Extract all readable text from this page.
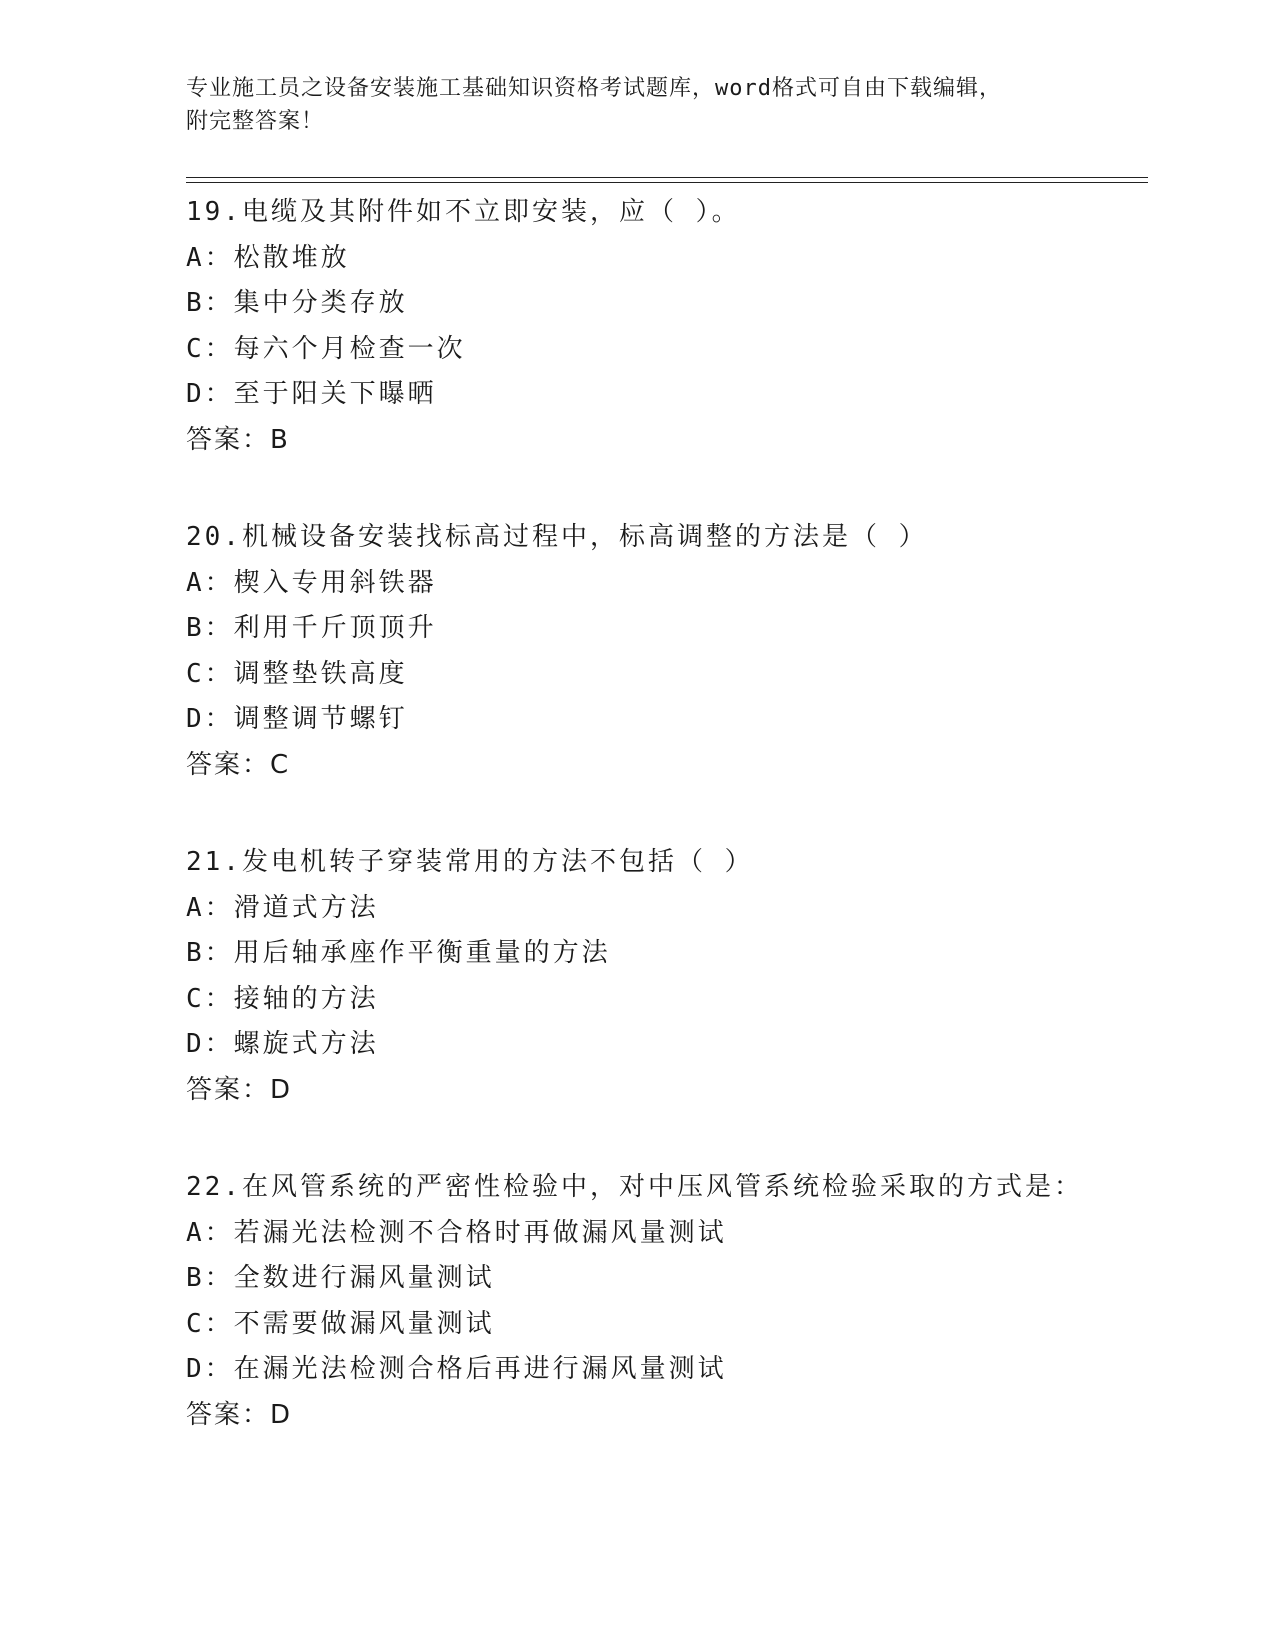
专业施工员之设备安装施工基础知识资格考试题库，word格式可自由下载编辑，
附完整答案！
19.电缆及其附件如不立即安装，应（ ）。
A：松散堆放
B：集中分类存放
C：每六个月检查一次
D：至于阳关下曝晒
答案：B
20.机械设备安装找标高过程中，标高调整的方法是（ ）
A：楔入专用斜铁器
B：利用千斤顶顶升
C：调整垫铁高度
D：调整调节螺钉
答案：C
21.发电机转子穿装常用的方法不包括（ ）
A：滑道式方法
B：用后轴承座作平衡重量的方法
C：接轴的方法
D：螺旋式方法
答案：D
22.在风管系统的严密性检验中，对中压风管系统检验采取的方式是：
A：若漏光法检测不合格时再做漏风量测试
B：全数进行漏风量测试
C：不需要做漏风量测试
D：在漏光法检测合格后再进行漏风量测试
答案：D
